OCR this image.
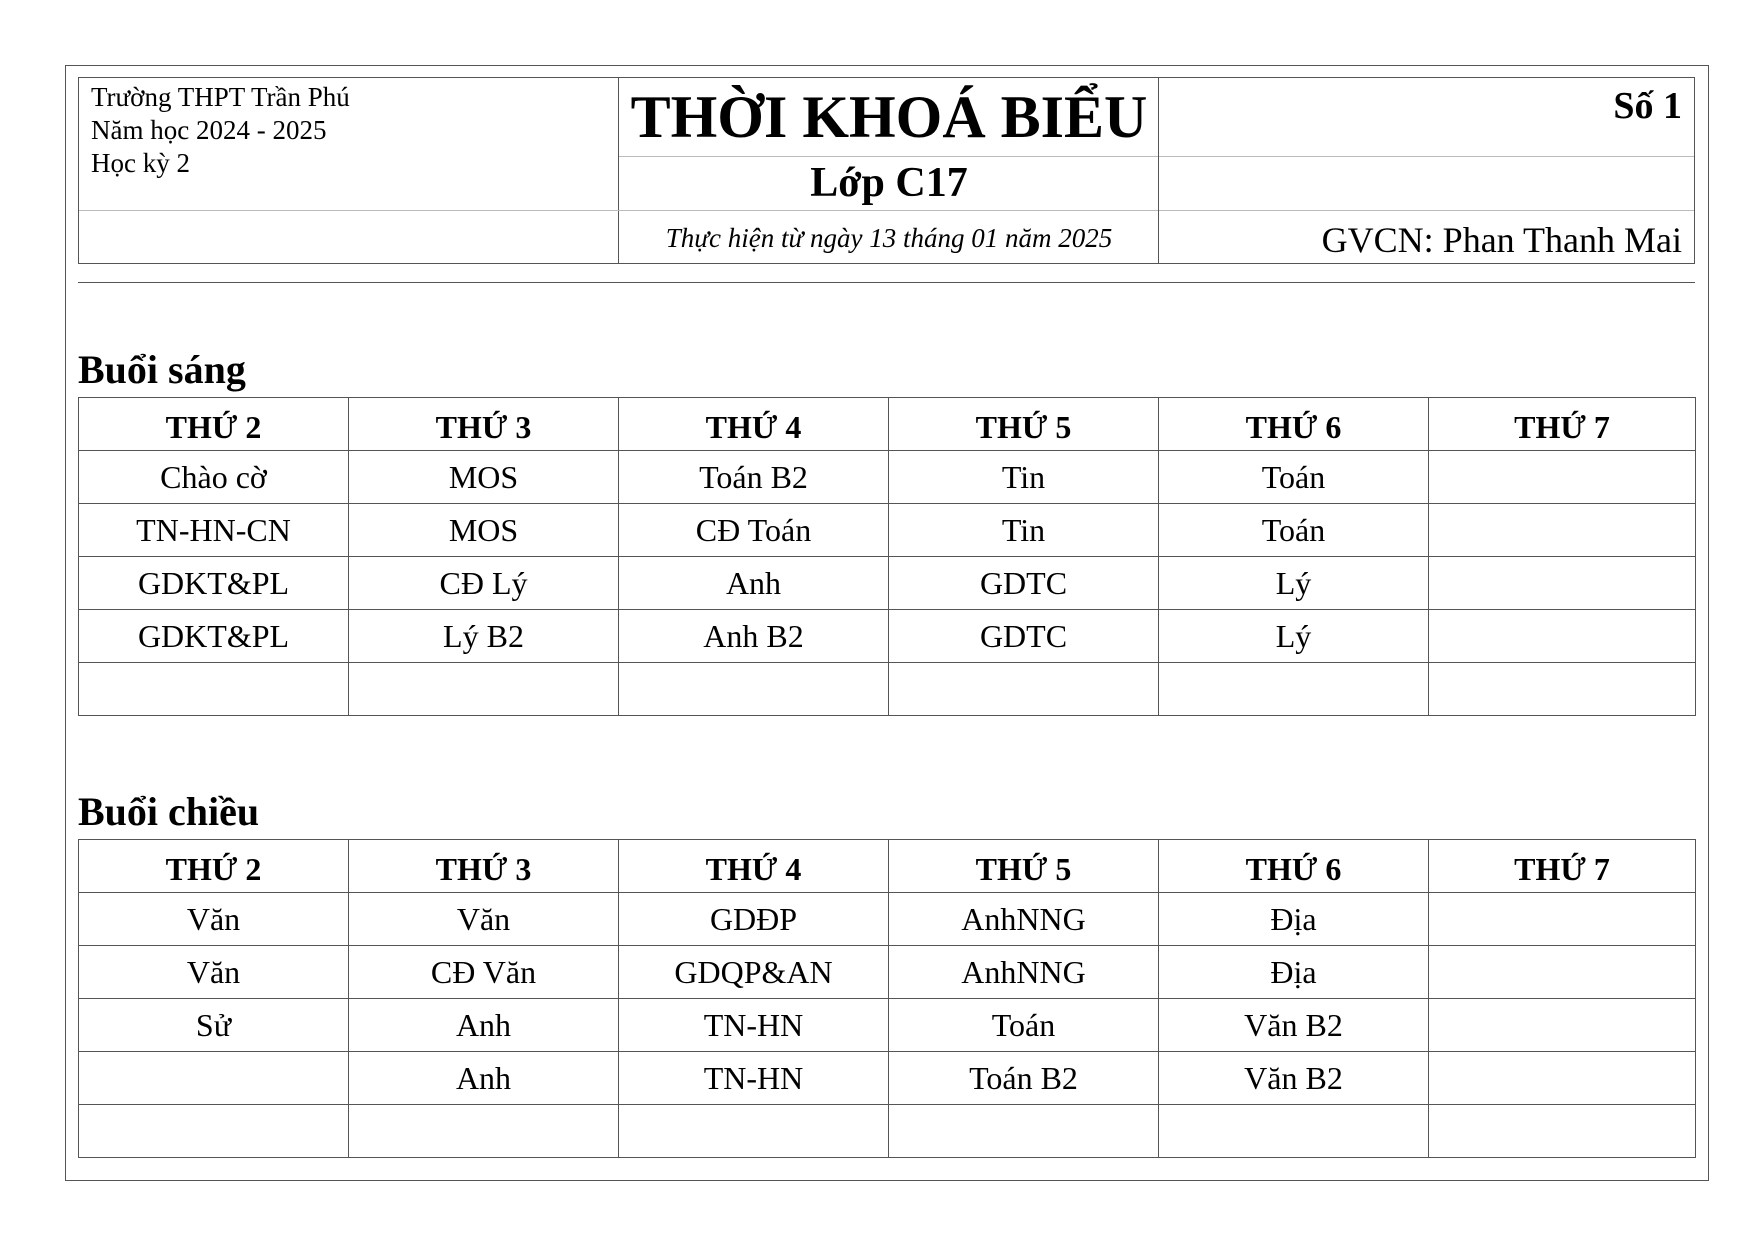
Trường THPT Trần Phú
Năm học 2024 - 2025
Học kỳ 2
THỜI KHOÁ BIỂU
Lớp C17
Thực hiện từ ngày 13 tháng 01 năm 2025
Số 1
GVCN: Phan Thanh Mai
Buổi sáng
THỨ 2	THỨ 3	THỨ 4	THỨ 5	THỨ 6	THỨ 7
Chào cờ	MOS	Toán B2	Tin	Toán	
TN-HN-CN	MOS	CĐ Toán	Tin	Toán	
GDKT&PL	CĐ Lý	Anh	GDTC	Lý	
GDKT&PL	Lý B2	Anh B2	GDTC	Lý	

Buổi chiều
THỨ 2	THỨ 3	THỨ 4	THỨ 5	THỨ 6	THỨ 7
Văn	Văn	GDĐP	AnhNNG	Địa	
Văn	CĐ Văn	GDQP&AN	AnhNNG	Địa	
Sử	Anh	TN-HN	Toán	Văn B2	
	Anh	TN-HN	Toán B2	Văn B2	
